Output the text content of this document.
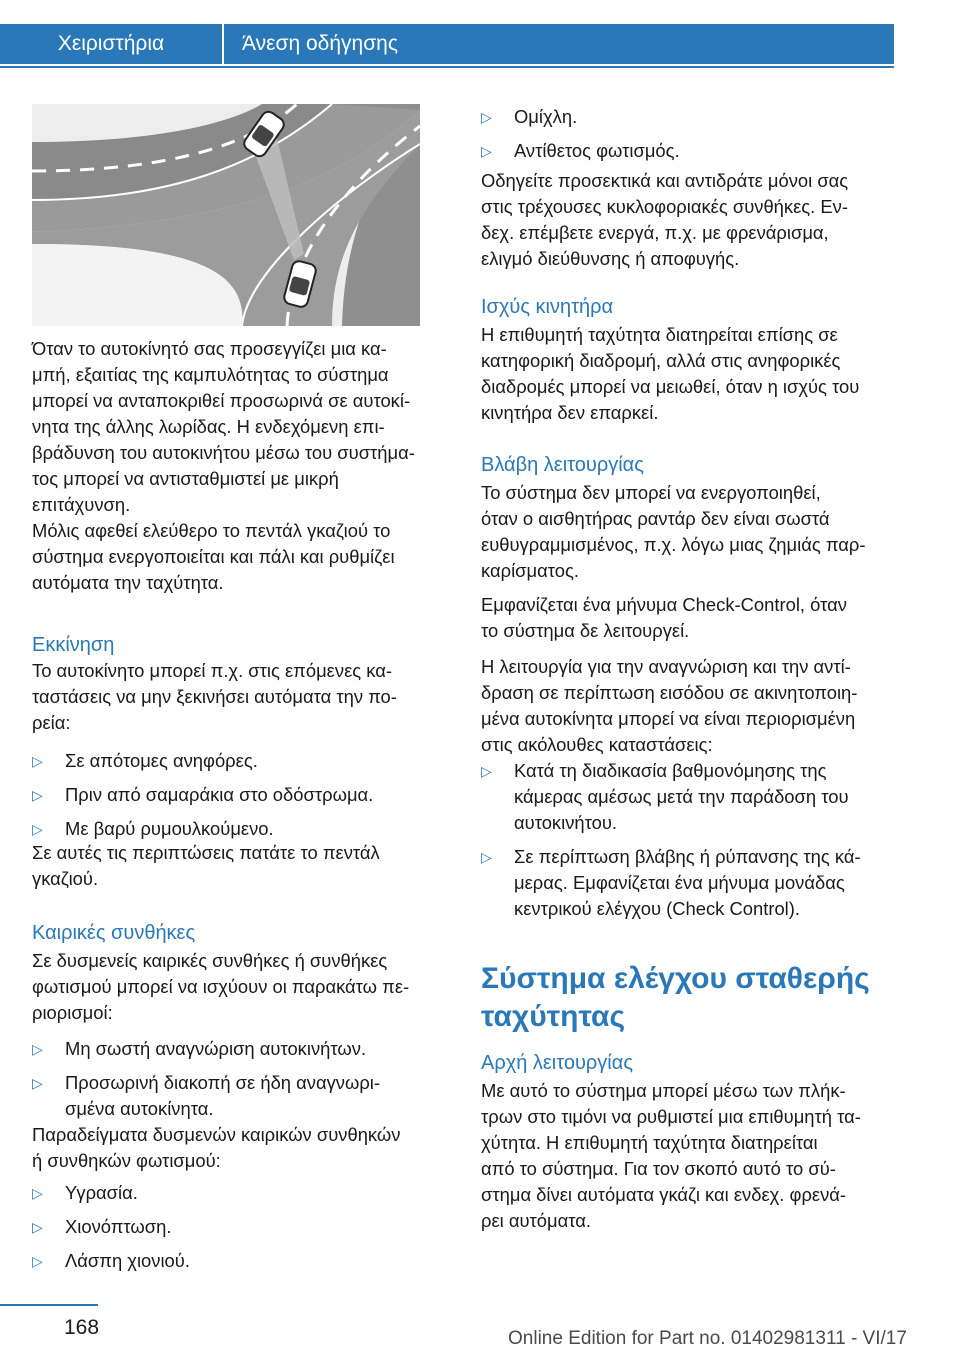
Χειριστήρια	Άνεση οδήγησης

Όταν το αυτοκίνητό σας προσεγγίζει μια κα‐

μπή, εξαιτίας της καμπυλότητας το σύστημα

μπορεί να ανταποκριθεί προσωρινά σε αυτοκί‐

νητα της άλλης λωρίδας. Η ενδεχόμενη επι‐

βράδυνση του αυτοκινήτου μέσω του συστήμα‐

τος μπορεί να αντισταθμιστεί με μικρή

επιτάχυνση.

Μόλις αφεθεί ελεύθερο το πεντάλ γκαζιού το

σύστημα ενεργοποιείται και πάλι και ρυθμίζει

αυτόματα την ταχύτητα.

Εκκίνηση

Το αυτοκίνητο μπορεί π.χ. στις επόμενες κα‐

ταστάσεις να μην ξεκινήσει αυτόματα την πο‐

ρεία:

▷	Σε απότομες ανηφόρες.
▷	Πριν από σαμαράκια στο οδόστρωμα.
▷	Με βαρύ ρυμουλκούμενο.

Σε αυτές τις περιπτώσεις πατάτε το πεντάλ

γκαζιού.

Καιρικές συνθήκες

Σε δυσμενείς καιρικές συνθήκες ή συνθήκες

φωτισμού μπορεί να ισχύουν οι παρακάτω πε‐

ριορισμοί:

▷	Μη σωστή αναγνώριση αυτοκινήτων.
▷	Προσωρινή διακοπή σε ήδη αναγνωρι‐
σμένα αυτοκίνητα.

Παραδείγματα δυσμενών καιρικών συνθηκών

ή συνθηκών φωτισμού:

▷	Υγρασία.
▷	Χιονόπτωση.
▷	Λάσπη χιονιού.
▷	Ομίχλη.
▷	Αντίθετος φωτισμός.

Οδηγείτε προσεκτικά και αντιδράτε μόνοι σας

στις τρέχουσες κυκλοφοριακές συνθήκες. Εν‐

δεχ. επέμβετε ενεργά, π.χ. με φρενάρισμα,

ελιγμό διεύθυνσης ή αποφυγής.

Ισχύς κινητήρα

Η επιθυμητή ταχύτητα διατηρείται επίσης σε

κατηφορική διαδρομή, αλλά στις ανηφορικές

διαδρομές μπορεί να μειωθεί, όταν η ισχύς του

κινητήρα δεν επαρκεί.

Βλάβη λειτουργίας

Το σύστημα δεν μπορεί να ενεργοποιηθεί,

όταν ο αισθητήρας ραντάρ δεν είναι σωστά

ευθυγραμμισμένος, π.χ. λόγω μιας ζημιάς παρ‐

καρίσματος.

Εμφανίζεται ένα μήνυμα Check-Control, όταν

το σύστημα δε λειτουργεί.

Η λειτουργία για την αναγνώριση και την αντί‐

δραση σε περίπτωση εισόδου σε ακινητοποιη‐

μένα αυτοκίνητα μπορεί να είναι περιορισμένη

στις ακόλουθες καταστάσεις:

▷	Κατά τη διαδικασία βαθμονόμησης της
κάμερας αμέσως μετά την παράδοση του
αυτοκινήτου.
▷	Σε περίπτωση βλάβης ή ρύπανσης της κά‐
μερας. Εμφανίζεται ένα μήνυμα μονάδας
κεντρικού ελέγχου (Check Control).

Σύστημα ελέγχου σταθερής

ταχύτητας

Αρχή λειτουργίας

Με αυτό το σύστημα μπορεί μέσω των πλήκ‐

τρων στο τιμόνι να ρυθμιστεί μια επιθυμητή τα‐

χύτητα. Η επιθυμητή ταχύτητα διατηρείται

από το σύστημα. Για τον σκοπό αυτό το σύ‐

στημα δίνει αυτόματα γκάζι και ενδεχ. φρενά‐

ρει αυτόματα.

168	Online Edition for Part no. 01402981311 - VI/17
